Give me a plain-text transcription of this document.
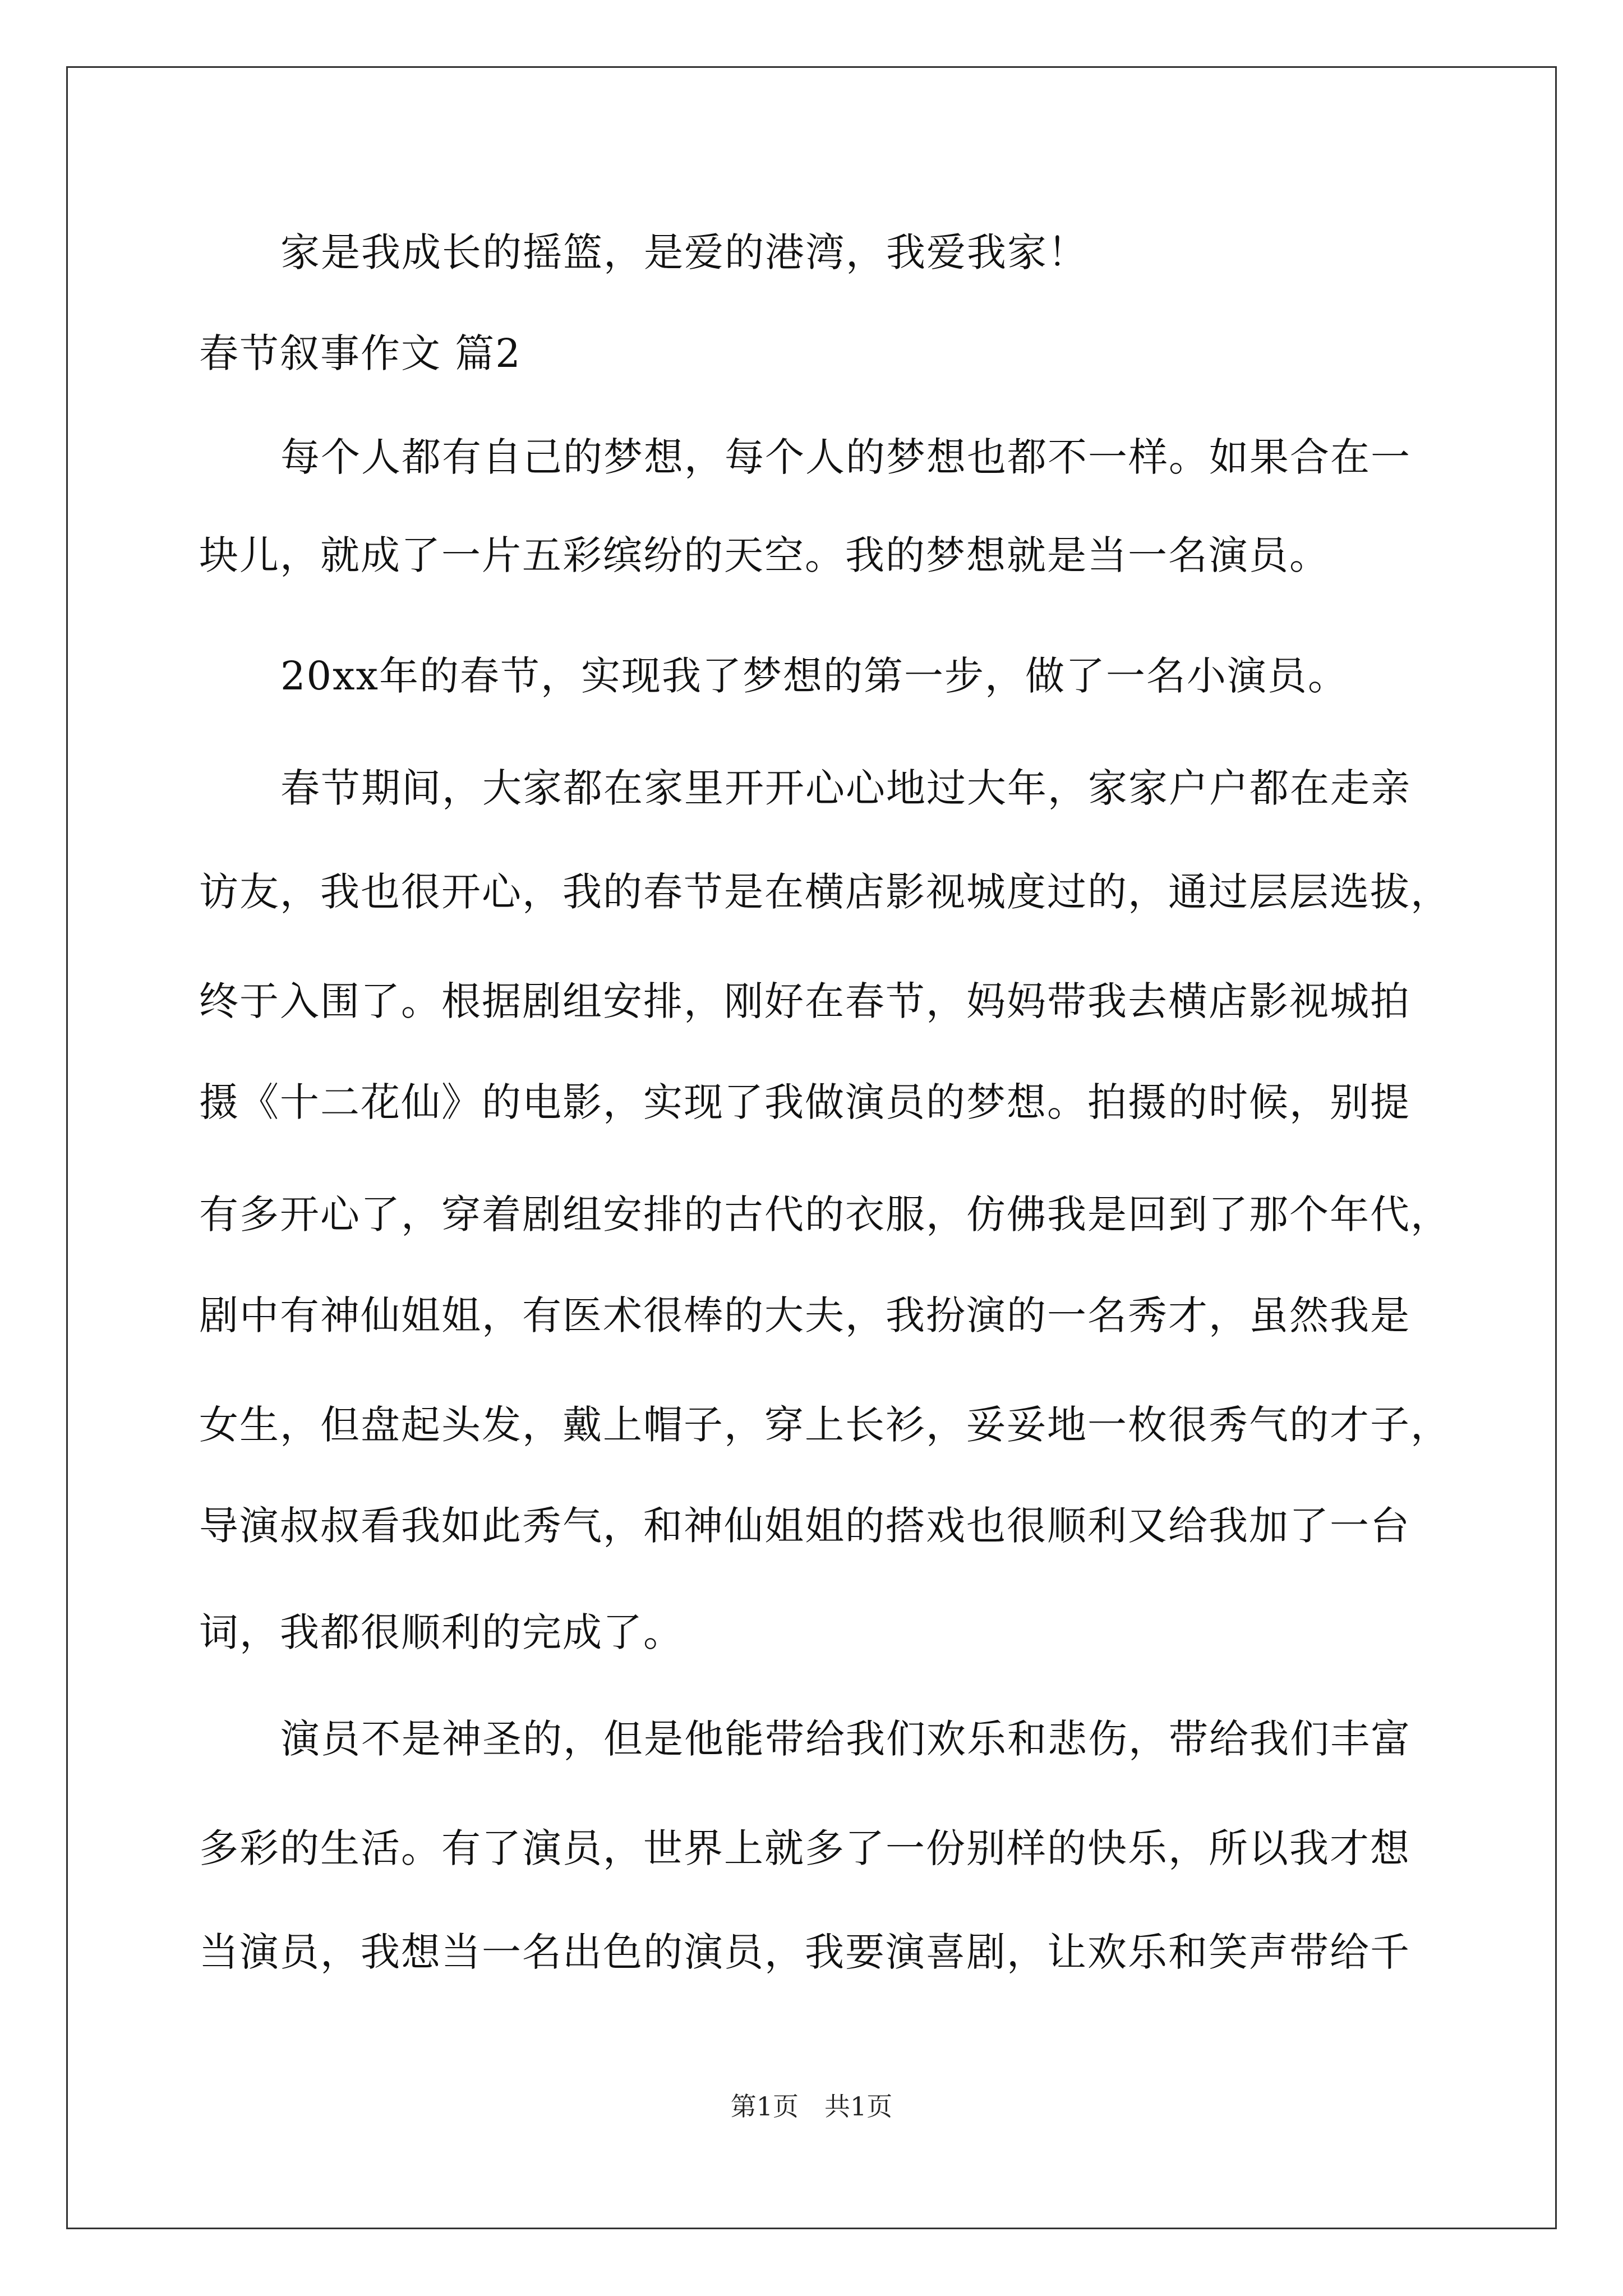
家是我成长的摇篮，是爱的港湾，我爱我家！
春节叙事作文 篇2
每个人都有自己的梦想，每个人的梦想也都不一样。如果合在一
块儿，就成了一片五彩缤纷的天空。我的梦想就是当一名演员。
20xx年的春节，实现我了梦想的第一步，做了一名小演员。
春节期间，大家都在家里开开心心地过大年，家家户户都在走亲
访友，我也很开心，我的春节是在横店影视城度过的，通过层层选拔，
终于入围了。根据剧组安排，刚好在春节，妈妈带我去横店影视城拍
摄《十二花仙》的电影，实现了我做演员的梦想。拍摄的时候，别提
有多开心了，穿着剧组安排的古代的衣服，仿佛我是回到了那个年代，
剧中有神仙姐姐，有医术很棒的大夫，我扮演的一名秀才，虽然我是
女生，但盘起头发，戴上帽子，穿上长衫，妥妥地一枚很秀气的才子，
导演叔叔看我如此秀气，和神仙姐姐的搭戏也很顺利又给我加了一台
词，我都很顺利的完成了。
演员不是神圣的，但是他能带给我们欢乐和悲伤，带给我们丰富
多彩的生活。有了演员，世界上就多了一份别样的快乐，所以我才想
当演员，我想当一名出色的演员，我要演喜剧，让欢乐和笑声带给千
第1页　共1页
